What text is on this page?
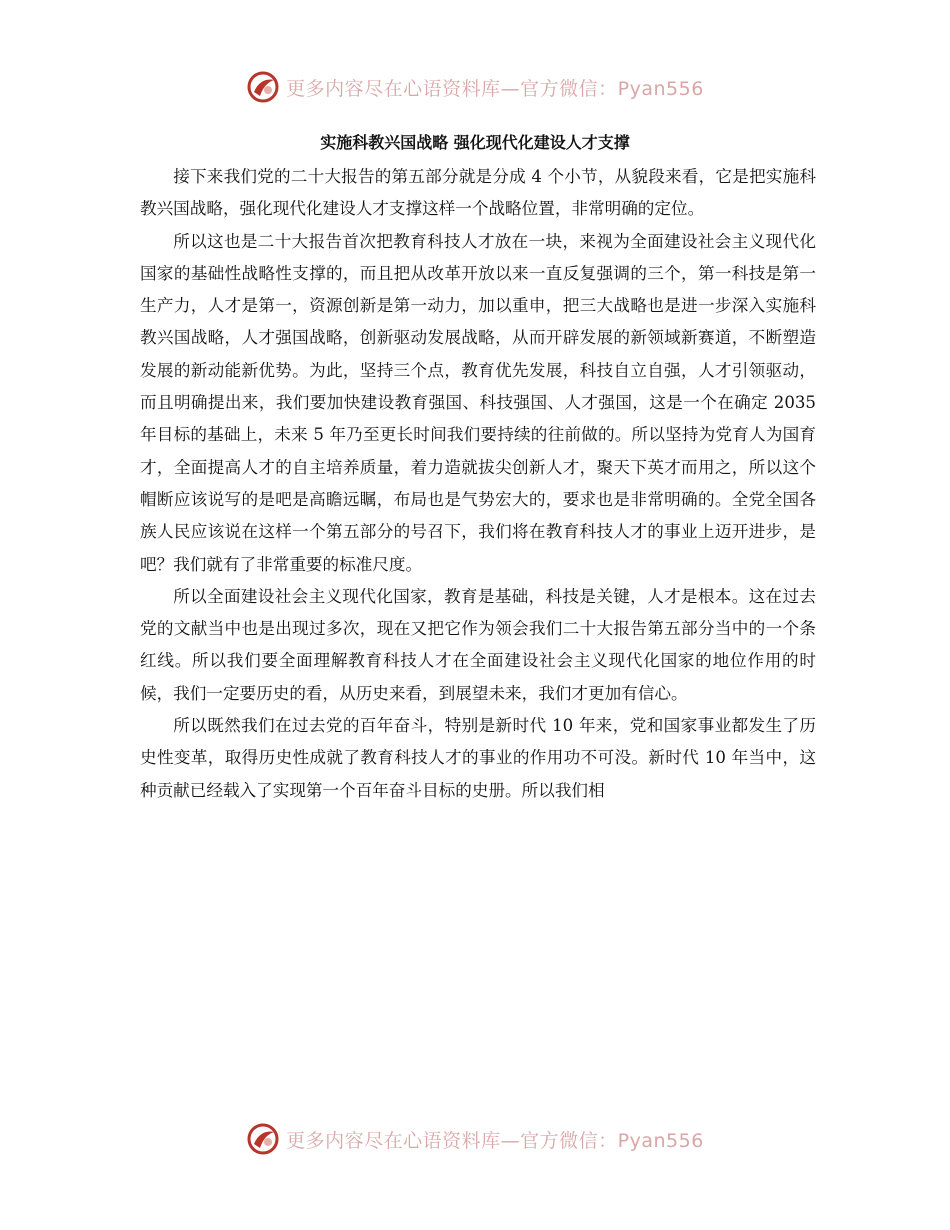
更多内容尽在心语资料库—官方微信：Pyan556
实施科教兴国战略 强化现代化建设人才支撑

接下来我们党的二十大报告的第五部分就是分成 4 个小节，从貌段来看，它是把实施科教兴国战略，强化现代化建设人才支撑这样一个战略位置，非常明确的定位。

所以这也是二十大报告首次把教育科技人才放在一块，来视为全面建设社会主义现代化国家的基础性战略性支撑的，而且把从改革开放以来一直反复强调的三个，第一科技是第一生产力，人才是第一，资源创新是第一动力，加以重申，把三大战略也是进一步深入实施科教兴国战略，人才强国战略，创新驱动发展战略，从而开辟发展的新领域新赛道，不断塑造发展的新动能新优势。为此，坚持三个点，教育优先发展，科技自立自强，人才引领驱动，而且明确提出来，我们要加快建设教育强国、科技强国、人才强国，这是一个在确定 2035 年目标的基础上，未来 5 年乃至更长时间我们要持续的往前做的。所以坚持为党育人为国育才，全面提高人才的自主培养质量，着力造就拔尖创新人才，聚天下英才而用之，所以这个帽断应该说写的是吧是高瞻远瞩，布局也是气势宏大的，要求也是非常明确的。全党全国各族人民应该说在这样一个第五部分的号召下，我们将在教育科技人才的事业上迈开进步，是吧？我们就有了非常重要的标准尺度。

所以全面建设社会主义现代化国家，教育是基础，科技是关键，人才是根本。这在过去党的文献当中也是出现过多次，现在又把它作为领会我们二十大报告第五部分当中的一个条红线。所以我们要全面理解教育科技人才在全面建设社会主义现代化国家的地位作用的时候，我们一定要历史的看，从历史来看，到展望未来，我们才更加有信心。

所以既然我们在过去党的百年奋斗，特别是新时代 10 年来，党和国家事业都发生了历史性变革，取得历史性成就了教育科技人才的事业的作用功不可没。新时代 10 年当中，这种贡献已经载入了实现第一个百年奋斗目标的史册。所以我们相

更多内容尽在心语资料库—官方微信：Pyan556
